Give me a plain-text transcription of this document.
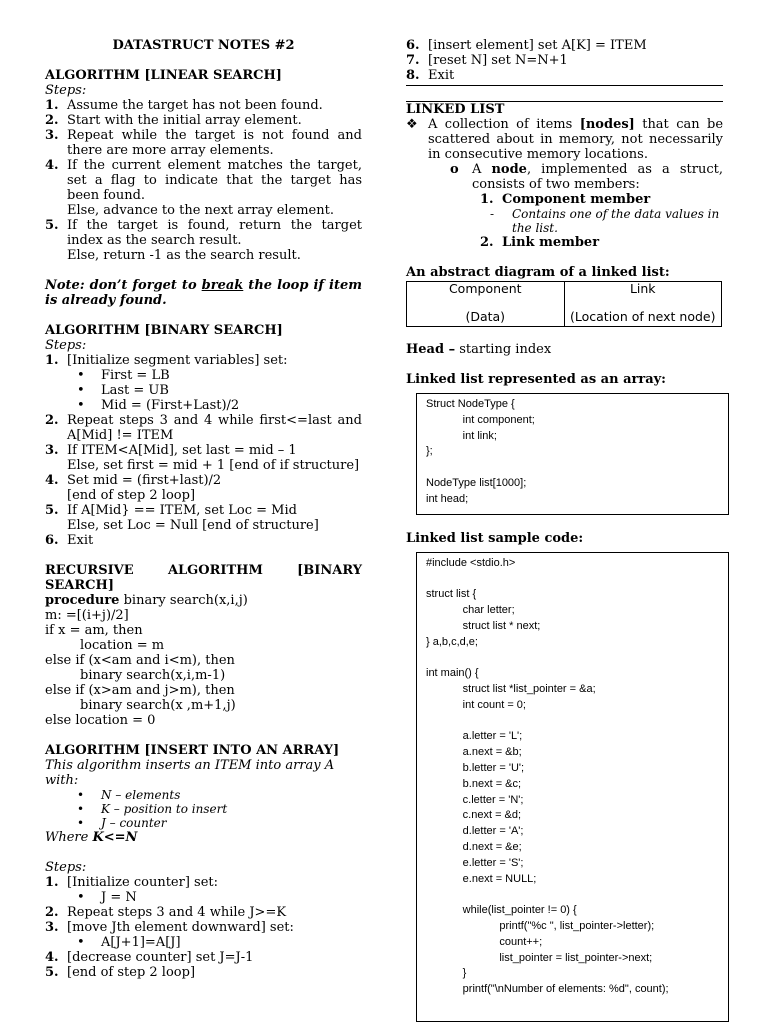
DATASTRUCT NOTES #2
ALGORITHM [LINEAR SEARCH]
Steps:
1. Assume the target has not been found.
2. Start with the initial array element.
3. Repeat while the target is not found and there are more array elements.
4. If the current element matches the target, set a flag to indicate that the target has been found.
Else, advance to the next array element.
5. If the target is found, return the target index as the search result.
Else, return -1 as the search result.
Note: don’t forget to break the loop if item is already found.
ALGORITHM [BINARY SEARCH]
Steps:
1. [Initialize segment variables] set:
•	First = LB
•	Last = UB
•	Mid = (First+Last)/2
2. Repeat steps 3 and 4 while first<=last and A[Mid] != ITEM
3. If ITEM<A[Mid], set last = mid – 1
Else, set first = mid + 1 [end of if structure]
4. Set mid = (first+last)/2
[end of step 2 loop]
5. If A[Mid} == ITEM, set Loc = Mid
Else, set Loc = Null [end of structure]
6. Exit
RECURSIVE	ALGORITHM	[BINARY
SEARCH]
procedure binary search(x,i,j)
m: =[(i+j)/2]
if x = am, then
location = m
else if (x<am and i<m), then
binary search(x,i,m-1)
else if (x>am and j>m), then
binary search(x ,m+1,j)
else location = 0
ALGORITHM [INSERT INTO AN ARRAY]
This algorithm inserts an ITEM into array A with:
•	N – elements
•	K – position to insert
•	J – counter
Where K<=N
Steps:
1. [Initialize counter] set:
•	J = N
2. Repeat steps 3 and 4 while J>=K
3. [move Jth element downward] set:
•	A[J+1]=A[J]
4. [decrease counter] set J=J-1
5. [end of step 2 loop]
6. [insert element] set A[K] = ITEM
7. [reset N] set N=N+1
8. Exit
LINKED LIST
❖ A collection of items [nodes] that can be scattered about in memory, not necessarily in consecutive memory locations.
o	A node, implemented as a struct, consists of two members:
1. Component member
-	Contains one of the data values in the list.
2. Link member
An abstract diagram of a linked list:
Component
(Data)

Link
(Location of next node)
Head – starting index
Linked list represented as an array:
Struct NodeType {
int component;
int link;
};

NodeType list[1000];
int head;
Linked list sample code:
#include <stdio.h>

struct list {
char letter;
struct list * next;
} a,b,c,d,e;

int main() {
struct list *list_pointer = &a;
int count = 0;

a.letter = 'L';
a.next = &b;
b.letter = 'U';
b.next = &c;
c.letter = 'N';
c.next = &d;
d.letter = 'A';
d.next = &e;
e.letter = 'S';
e.next = NULL;

while(list_pointer != 0) {
printf("%c ", list_pointer->letter);
count++;
list_pointer = list_pointer->next;
}
printf("\nNumber of elements: %d", count);
